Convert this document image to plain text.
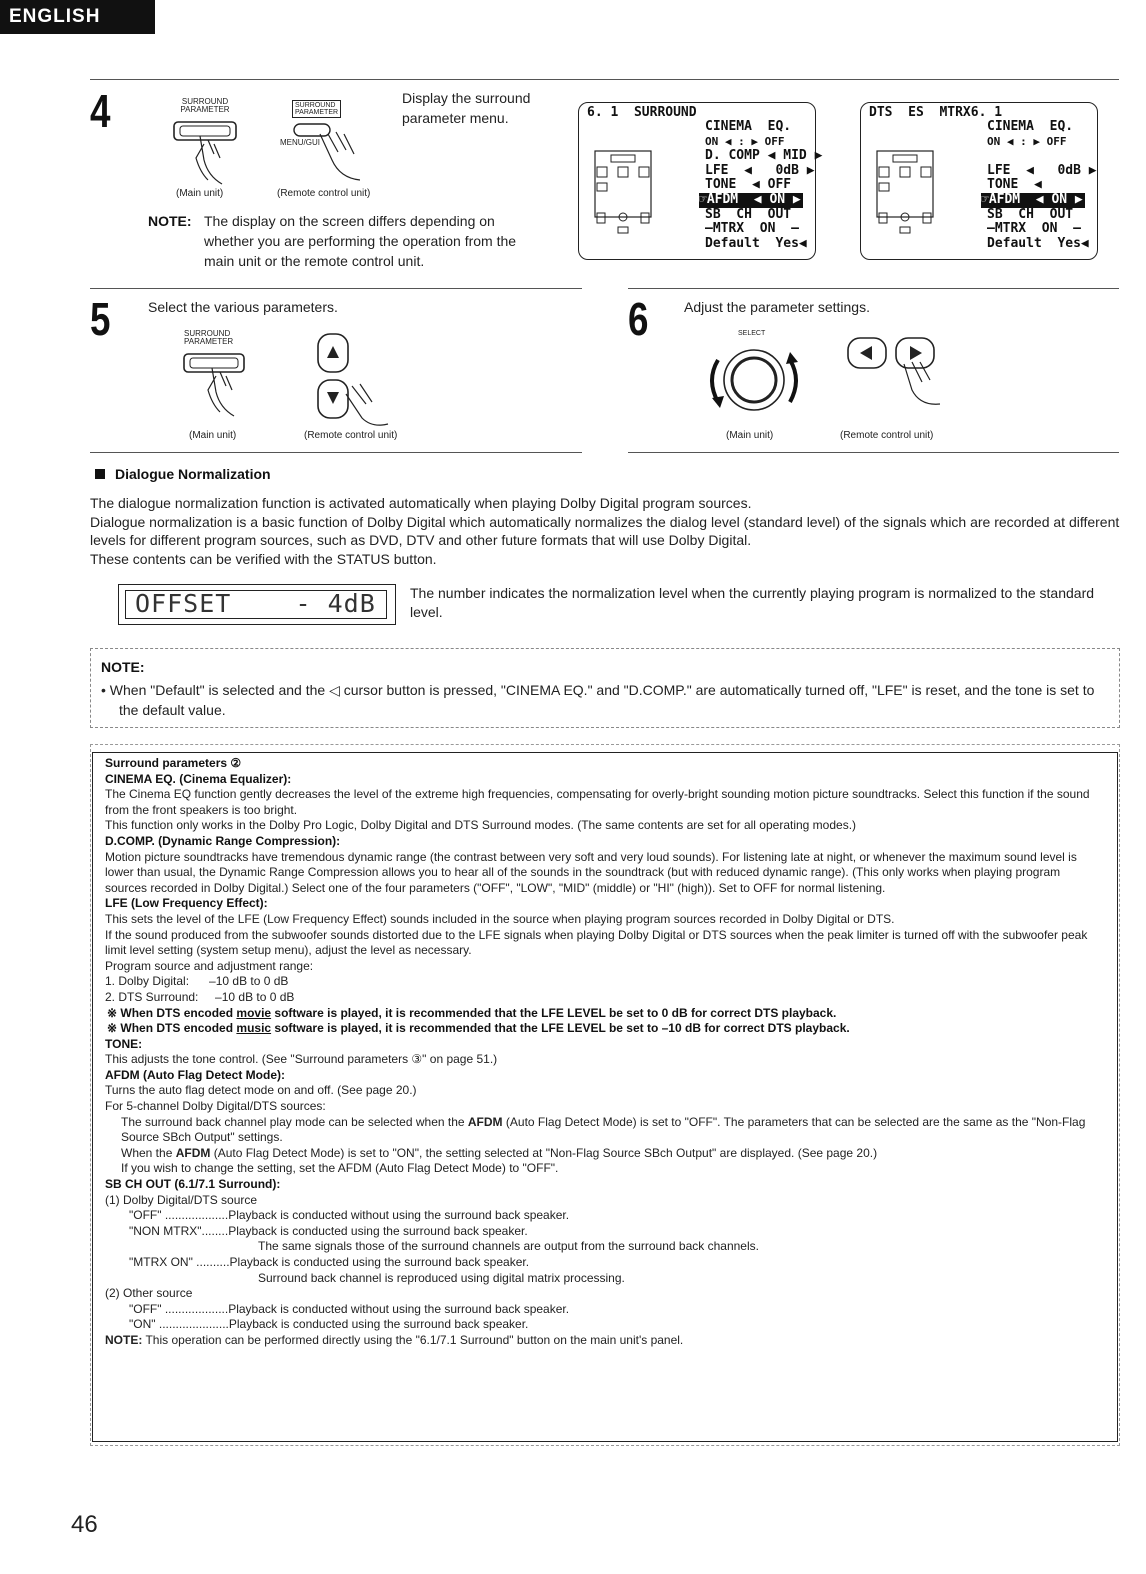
ENGLISH
4	SURROUND
PARAMETER	SURROUND
PARAMETER
MENU/GUI
(Main unit)	(Remote control unit)
Display the surround parameter menu.
NOTE: The display on the screen differs depending on whether you are performing the operation from the main unit or the remote control unit.
6. 1  SURROUND
CINEMA  EQ.
ON ◀ : ▶ OFF
D. COMP ◀ MID ▶
LFE  ◀   0dB ▶
TONE  ◀ OFF
☞AFDM  ◀ ON ▶
SB  CH  OUT
–MTRX  ON  –
Default  Yes◀
DTS  ES  MTRX6. 1
CINEMA  EQ.
ON ◀ : ▶ OFF
LFE  ◀   0dB ▶
TONE  ◀
☞AFDM  ◀ ON ▶
SB  CH  OUT
–MTRX  ON  –
Default  Yes◀
5	Select the various parameters.
SURROUND
PARAMETER
(Main unit)	(Remote control unit)
6	Adjust the parameter settings.
SELECT
(Main unit)	(Remote control unit)
Dialogue Normalization
The dialogue normalization function is activated automatically when playing Dolby Digital program sources.
Dialogue normalization is a basic function of Dolby Digital which automatically normalizes the dialog level (standard level) of the signals which are recorded at different levels for different program sources, such as DVD, DTV and other future formats that will use Dolby Digital.
These contents can be verified with the STATUS button.
OFFSET    - 4dB The number indicates the normalization level when the currently playing program is normalized to the standard level.
NOTE:
• When "Default" is selected and the ◁ cursor button is pressed, "CINEMA EQ." and "D.COMP." are automatically turned off, "LFE" is reset, and the tone is set to the default value.
Surround parameters ②
CINEMA EQ. (Cinema Equalizer):
The Cinema EQ function gently decreases the level of the extreme high frequencies, compensating for overly-bright sounding motion picture soundtracks. Select this function if the sound from the front speakers is too bright.
This function only works in the Dolby Pro Logic, Dolby Digital and DTS Surround modes. (The same contents are set for all operating modes.)
D.COMP. (Dynamic Range Compression):
Motion picture soundtracks have tremendous dynamic range (the contrast between very soft and very loud sounds). For listening late at night, or whenever the maximum sound level is lower than usual, the Dynamic Range Compression allows you to hear all of the sounds in the soundtrack (but with reduced dynamic range). (This only works when playing program sources recorded in Dolby Digital.) Select one of the four parameters ("OFF", "LOW", "MID" (middle) or "HI" (high)). Set to OFF for normal listening.
LFE (Low Frequency Effect):
This sets the level of the LFE (Low Frequency Effect) sounds included in the source when playing program sources recorded in Dolby Digital or DTS.
If the sound produced from the subwoofer sounds distorted due to the LFE signals when playing Dolby Digital or DTS sources when the peak limiter is turned off with the subwoofer peak limit level setting (system setup menu), adjust the level as necessary.
Program source and adjustment range:
1. Dolby Digital:      –10 dB to 0 dB
2. DTS Surround:     –10 dB to 0 dB
※ When DTS encoded movie software is played, it is recommended that the LFE LEVEL be set to 0 dB for correct DTS playback.
※ When DTS encoded music software is played, it is recommended that the LFE LEVEL be set to –10 dB for correct DTS playback.
TONE:
This adjusts the tone control. (See "Surround parameters ③" on page 51.)
AFDM (Auto Flag Detect Mode):
Turns the auto flag detect mode on and off. (See page 20.)
For 5-channel Dolby Digital/DTS sources:
The surround back channel play mode can be selected when the AFDM (Auto Flag Detect Mode) is set to "OFF". The parameters that can be selected are the same as the "Non-Flag Source SBch Output" settings.
When the AFDM (Auto Flag Detect Mode) is set to "ON", the setting selected at "Non-Flag Source SBch Output" are displayed. (See page 20.)
If you wish to change the setting, set the AFDM (Auto Flag Detect Mode) to "OFF".
SB CH OUT (6.1/7.1 Surround):
(1) Dolby Digital/DTS source
"OFF" ...................Playback is conducted without using the surround back speaker.
"NON MTRX"........Playback is conducted using the surround back speaker.
The same signals those of the surround channels are output from the surround back channels.
"MTRX ON" ..........Playback is conducted using the surround back speaker.
Surround back channel is reproduced using digital matrix processing.
(2) Other source
"OFF" ...................Playback is conducted without using the surround back speaker.
"ON" .....................Playback is conducted using the surround back speaker.
NOTE: This operation can be performed directly using the "6.1/7.1 Surround" button on the main unit's panel.
46
